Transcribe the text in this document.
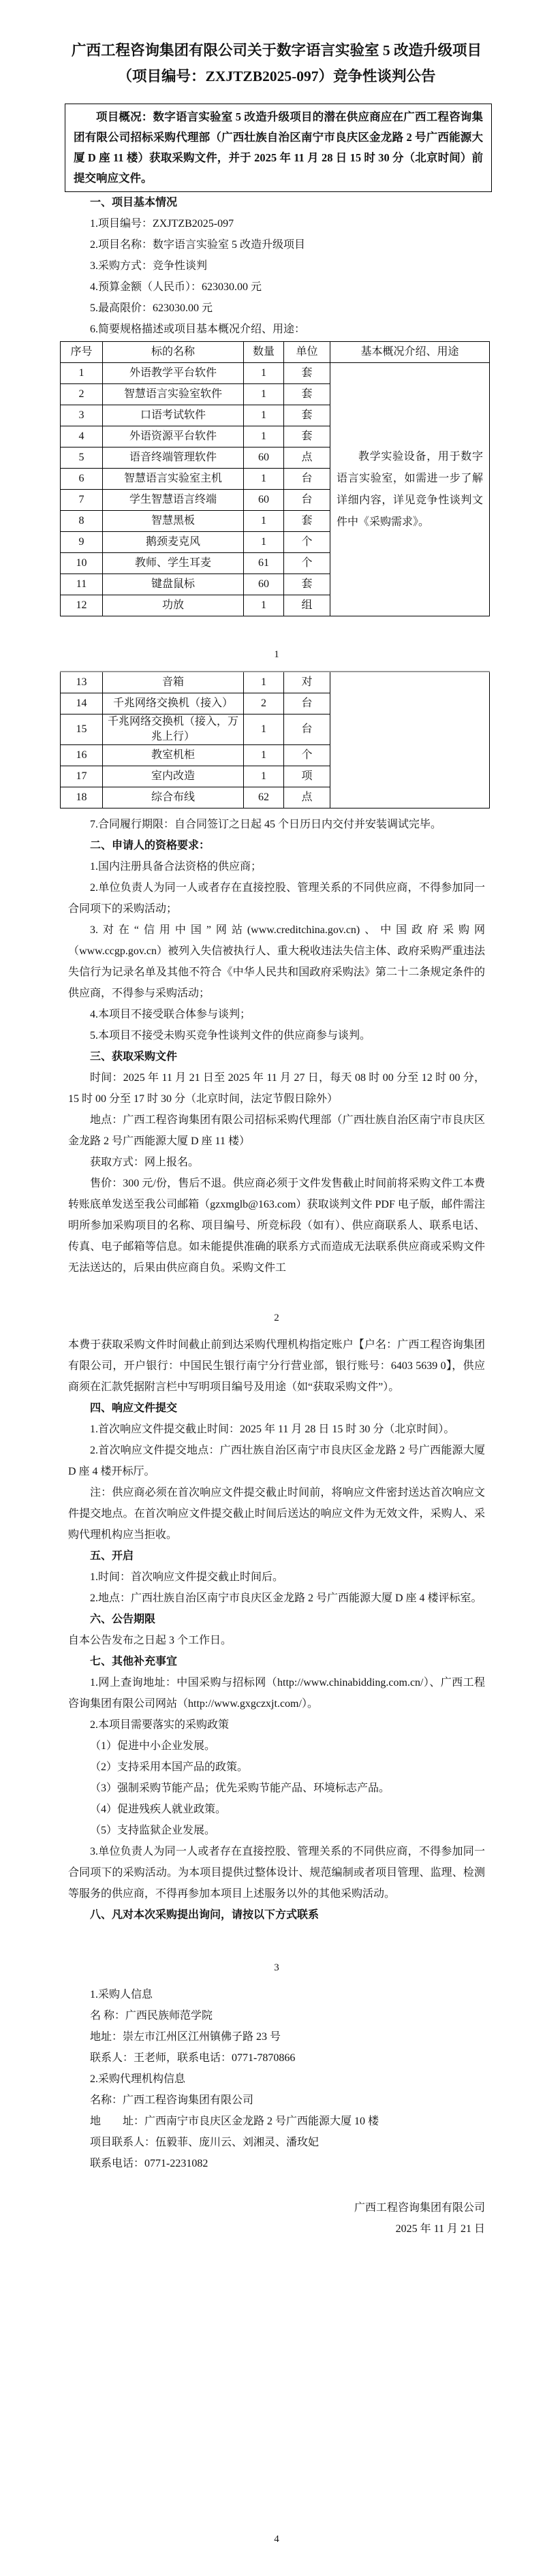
广西工程咨询集团有限公司关于数字语言实验室 5 改造升级项目

（项目编号：ZXJTZB2025-097）竞争性谈判公告

项目概况：数字语言实验室 5 改造升级项目的潜在供应商应在广西工程咨询集团有限公司招标采购代理部（广西壮族自治区南宁市良庆区金龙路 2 号广西能源大厦 D 座 11 楼）获取采购文件，并于 2025 年 11 月 28 日 15 时 30 分（北京时间）前提交响应文件。

一、项目基本情况

1.项目编号：ZXJTZB2025-097

2.项目名称：数字语言实验室 5 改造升级项目

3.采购方式：竞争性谈判

4.预算金额（人民币）：623030.00 元

5.最高限价：623030.00 元

6.简要规格描述或项目基本概况介绍、用途：

序号	标的名称	数量	单位	基本概况介绍、用途
1	外语教学平台软件	1	套	教学实验设备，用于数字语言实验室，如需进一步了解详细内容，详见竞争性谈判文件中《采购需求》。

2	智慧语言实验室软件	1	套	
3	口语考试软件	1	套	
4	外语资源平台软件	1	套	
5	语音终端管理软件	60	点	
6	智慧语言实验室主机	1	台	
7	学生智慧语言终端	60	台	
8	智慧黑板	1	套	
9	鹅颈麦克风	1	个	
10	教师、学生耳麦	61	个	
11	键盘鼠标	60	套	
12	功放	1	组	

1

13	音箱	1	对	
14	千兆网络交换机（接入）	2	台	
15	千兆网络交换机（接入，万兆上行）	1	台	
16	教室机柜	1	个	
17	室内改造	1	项	
18	综合布线	62	点	

7.合同履行期限：自合同签订之日起 45 个日历日内交付并安装调试完毕。

二、申请人的资格要求：

1.国内注册具备合法资格的供应商；

2.单位负责人为同一人或者存在直接控股、管理关系的不同供应商，不得参加同一合同项下的采购活动；

3.对在“信用中国”网站(www.creditchina.gov.cn)、中国政府采购网（www.ccgp.gov.cn）被列入失信被执行人、重大税收违法失信主体、政府采购严重违法失信行为记录名单及其他不符合《中华人民共和国政府采购法》第二十二条规定条件的供应商，不得参与采购活动；

4.本项目不接受联合体参与谈判；

5.本项目不接受未购买竞争性谈判文件的供应商参与谈判。

三、获取采购文件

时间：2025 年 11 月 21 日至 2025 年 11 月 27 日，每天 08 时 00 分至 12 时 00 分，15 时 00 分至 17 时 30 分（北京时间，法定节假日除外）

地点：广西工程咨询集团有限公司招标采购代理部（广西壮族自治区南宁市良庆区金龙路 2 号广西能源大厦 D 座 11 楼）

获取方式：网上报名。

售价：300 元/份，售后不退。供应商必须于文件发售截止时间前将采购文件工本费转账底单发送至我公司邮箱（gzxmglb@163.com）获取谈判文件 PDF 电子版，邮件需注明所参加采购项目的名称、项目编号、所竞标段（如有）、供应商联系人、联系电话、传真、电子邮箱等信息。如未能提供准确的联系方式而造成无法联系供应商或采购文件无法送达的，后果由供应商自负。采购文件工

2

本费于获取采购文件时间截止前到达采购代理机构指定账户【户名：广西工程咨询集团有限公司，开户银行：中国民生银行南宁分行营业部，银行账号：6403 5639 0】，供应商须在汇款凭据附言栏中写明项目编号及用途（如“获取采购文件”）。

四、响应文件提交

1.首次响应文件提交截止时间：2025 年 11 月 28 日 15 时 30 分（北京时间）。

2.首次响应文件提交地点：广西壮族自治区南宁市良庆区金龙路 2 号广西能源大厦 D 座 4 楼开标厅。

注：供应商必须在首次响应文件提交截止时间前，将响应文件密封送达首次响应文件提交地点。在首次响应文件提交截止时间后送达的响应文件为无效文件，采购人、采购代理机构应当拒收。

五、开启

1.时间：首次响应文件提交截止时间后。

2.地点：广西壮族自治区南宁市良庆区金龙路 2 号广西能源大厦 D 座 4 楼评标室。

六、公告期限

自本公告发布之日起 3 个工作日。

七、其他补充事宜

1.网上查询地址：中国采购与招标网（http://www.chinabidding.com.cn/）、广西工程咨询集团有限公司网站（http://www.gxgczxjt.com/）。

2.本项目需要落实的采购政策

（1）促进中小企业发展。

（2）支持采用本国产品的政策。

（3）强制采购节能产品；优先采购节能产品、环境标志产品。

（4）促进残疾人就业政策。

（5）支持监狱企业发展。

3.单位负责人为同一人或者存在直接控股、管理关系的不同供应商，不得参加同一合同项下的采购活动。为本项目提供过整体设计、规范编制或者项目管理、监理、检测等服务的供应商，不得再参加本项目上述服务以外的其他采购活动。

八、凡对本次采购提出询问，请按以下方式联系

3

1.采购人信息

名 称：广西民族师范学院

地址：崇左市江州区江州镇佛子路 23 号

联系人：王老师，联系电话：0771-7870866

2.采购代理机构信息

名称：广西工程咨询集团有限公司

地　　址：广西南宁市良庆区金龙路 2 号广西能源大厦 10 楼

项目联系人：伍毅菲、庞川云、刘湘灵、潘玫妃

联系电话：0771-2231082

广西工程咨询集团有限公司

2025 年 11 月 21 日

4
